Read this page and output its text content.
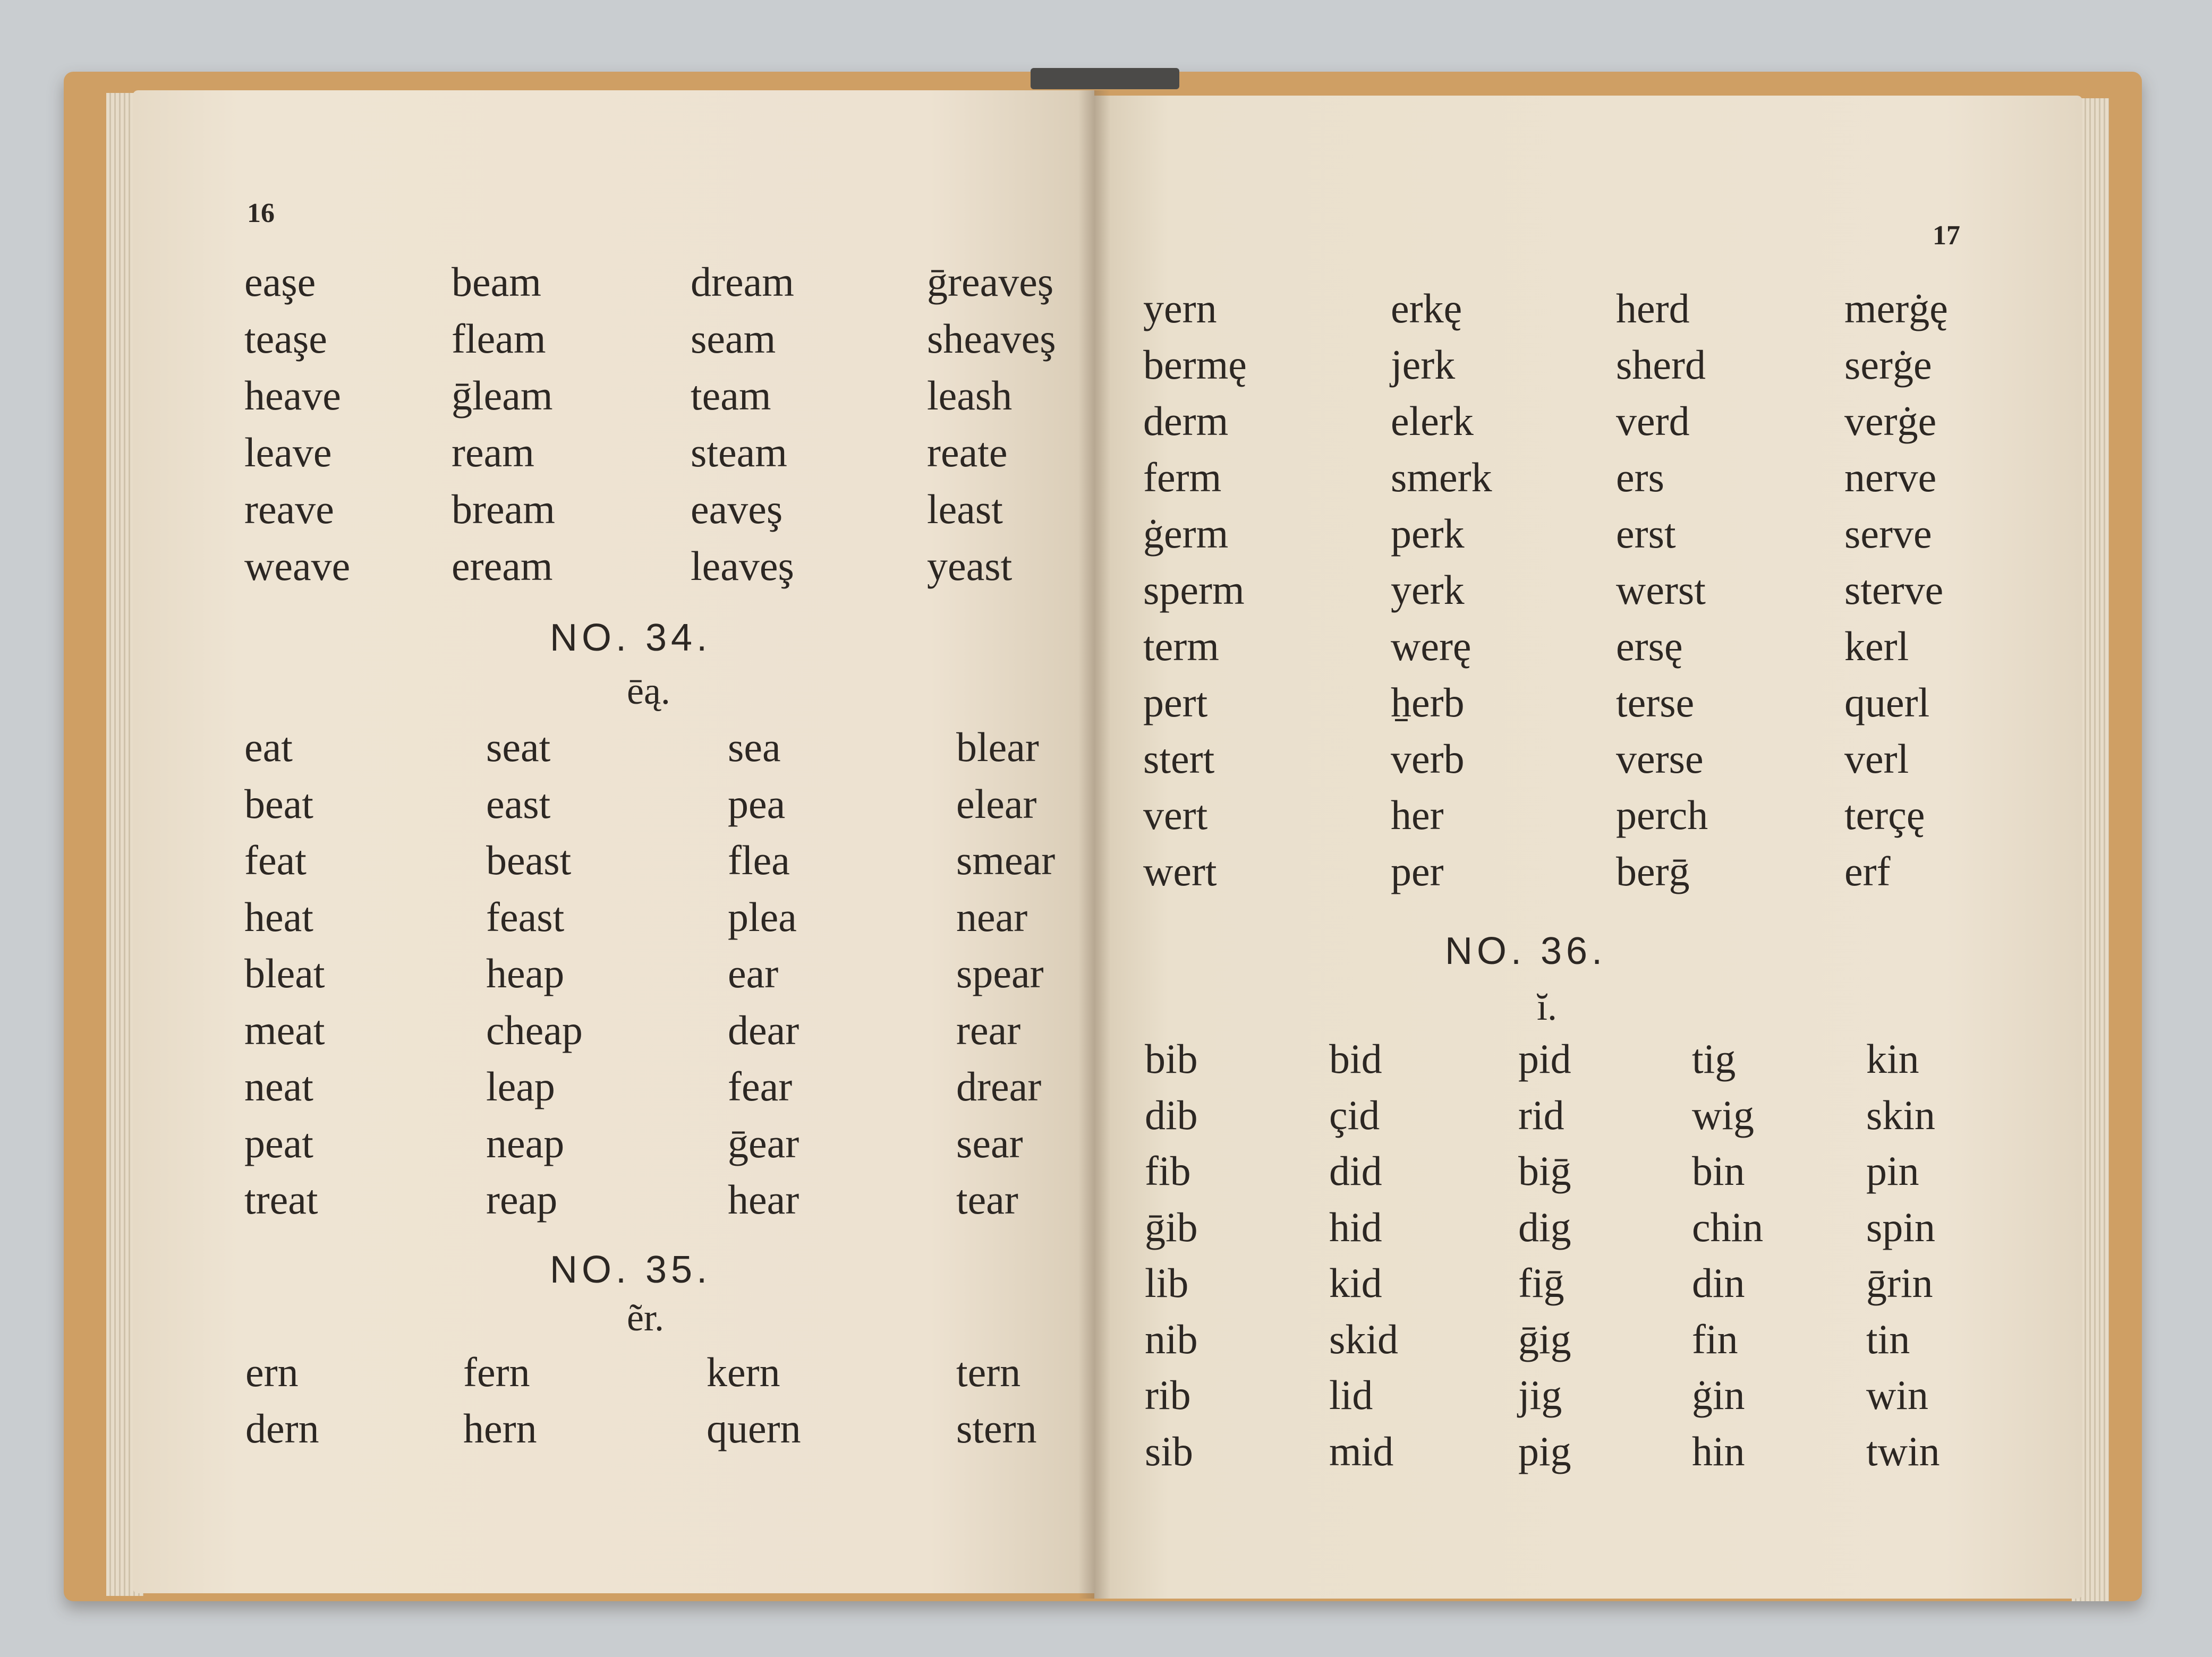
16
17
NO. 34.
ēą.
NO. 35.
ẽr.
NO. 36.
ĭ.
eaşe
teaşe
heave
leave
reave
weave
beam
fleam
ḡleam
ream
bream
eream
dream
seam
team
steam
eaveş
leaveş
ḡreaveş
sheaveş
leash
reate
least
yeast
eat
beat
feat
heat
bleat
meat
neat
peat
treat
seat
east
beast
feast
heap
cheap
leap
neap
reap
sea
pea
flea
plea
ear
dear
fear
ḡear
hear
blear
elear
smear
near
spear
rear
drear
sear
tear
ern
dern
fern
hern
kern
quern
tern
stern
yern
bermę
derm
ferm
ġerm
sperm
term
pert
stert
vert
wert
erkę
jerk
elerk
smerk
perk
yerk
werę
ẖerb
verb
her
per
herd
sherd
verd
ers
erst
werst
ersę
terse
verse
perch
berḡ
merġę
serġe
verġe
nerve
serve
sterve
kerl
querl
verl
terçę
erf
bib
dib
fib
ḡib
lib
nib
rib
sib
bid
çid
did
hid
kid
skid
lid
mid
pid
rid
biḡ
dig
fiḡ
ḡig
jig
pig
tig
wig
bin
chin
din
fin
ġin
hin
kin
skin
pin
spin
ḡrin
tin
win
twin
